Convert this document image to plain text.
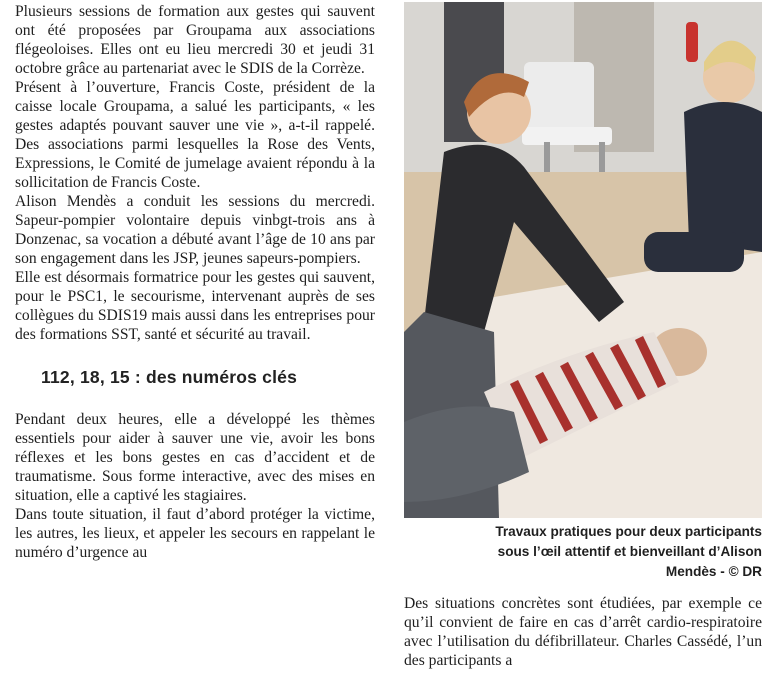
Plusieurs sessions de formation aux gestes qui sauvent ont été proposées par Groupama aux associations flégeoloises. Elles ont eu lieu mercredi 30 et jeudi 31 octobre grâce au partenariat avec le SDIS de la Corrèze.

Présent à l’ouverture, Francis Coste, président de la caisse locale Groupama, a salué les participants, « les gestes adaptés pouvant sauver une vie », a-t-il rappelé. Des associations parmi lesquelles la Rose des Vents, Expressions, le Comité de jumelage avaient répondu à la sollicitation de Francis Coste.

Alison Mendès a conduit les sessions du mercredi. Sapeur-pompier volontaire depuis vinbgt-trois ans à Donzenac, sa vocation a débuté avant l’âge de 10 ans par son engagement dans les JSP, jeunes sapeurs-pompiers.

Elle est désormais formatrice pour les gestes qui sauvent, pour le PSC1, le secourisme, intervenant auprès de ses collègues du SDIS19 mais aussi dans les entreprises pour des formations SST, santé et sécurité au travail.

112, 18, 15 : des numéros clés

Pendant deux heures, elle a développé les thèmes essentiels pour aider à sauver une vie, avoir les bons réflexes et les bons gestes en cas d’accident et de traumatisme. Sous forme interactive, avec des mises en situation, elle a captivé les stagiaires.

Dans toute situation, il faut d’abord protéger la victime, les autres, les lieux, et appeler les secours en rappelant le numéro d’urgence au

Travaux pratiques pour deux participants
sous l’œil attentif et bienveillant d’Alison
Mendès - © DR

Des situations concrètes sont étudiées, par exemple ce qu’il convient de faire en cas d’arrêt cardio-respiratoire avec l’utilisation du défibrillateur. Charles Cassédé, l’un des participants a
